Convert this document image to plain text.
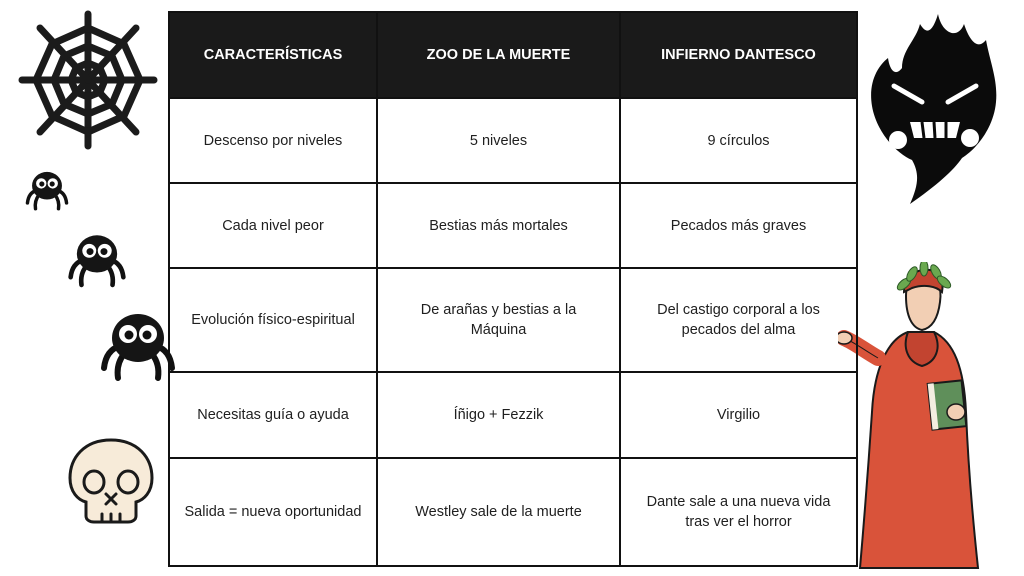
CARACTERÍSTICAS	ZOO DE LA MUERTE	INFIERNO DANTESCO
Descenso por niveles	5 niveles	9 círculos
Cada nivel peor	Bestias más mortales	Pecados más graves
Evolución físico-espiritual	De arañas y bestias a la Máquina	Del castigo corporal a los pecados del alma
Necesitas guía o ayuda	Íñigo + Fezzik	Virgilio
Salida = nueva oportunidad	Westley sale de la muerte	Dante sale a una nueva vida tras ver el horror
